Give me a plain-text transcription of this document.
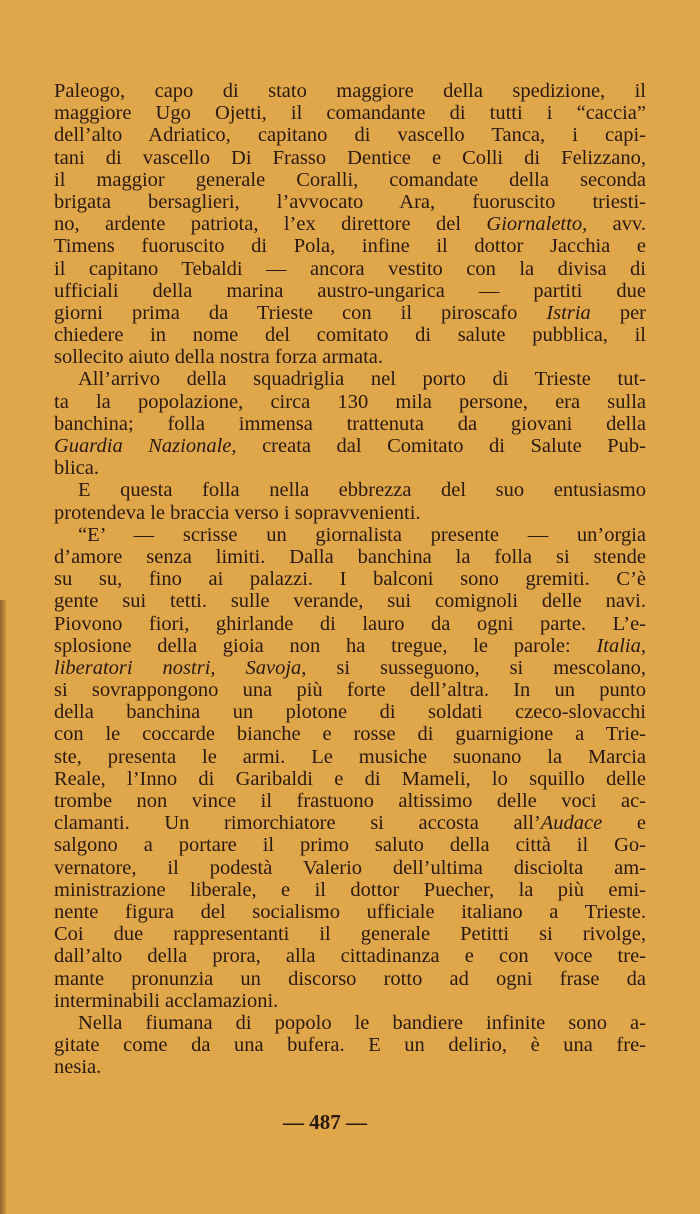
Paleogo, capo di stato maggiore della spedizione, il
maggiore Ugo Ojetti, il comandante di tutti i “caccia”
dell’alto Adriatico, capitano di vascello Tanca, i capi-
tani di vascello Di Frasso Dentice e Colli di Felizzano,
il maggior generale Coralli, comandate della seconda
brigata bersaglieri, l’avvocato Ara, fuoruscito triesti-
no, ardente patriota, l’ex direttore del Giornaletto, avv.
Timens fuoruscito di Pola, infine il dottor Jacchia e
il capitano Tebaldi — ancora vestito con la divisa di
ufficiali della marina austro-ungarica — partiti due
giorni prima da Trieste con il piroscafo Istria per
chiedere in nome del comitato di salute pubblica, il
sollecito aiuto della nostra forza armata.
All’arrivo della squadriglia nel porto di Trieste tut-
ta la popolazione, circa 130 mila persone, era sulla
banchina; folla immensa trattenuta da giovani della
Guardia Nazionale, creata dal Comitato di Salute Pub-
blica.
E questa folla nella ebbrezza del suo entusiasmo
protendeva le braccia verso i sopravvenienti.
“E’ — scrisse un giornalista presente — un’orgia
d’amore senza limiti. Dalla banchina la folla si stende
su su, fino ai palazzi. I balconi sono gremiti. C’è
gente sui tetti. sulle verande, sui comignoli delle navi.
Piovono fiori, ghirlande di lauro da ogni parte. L’e-
splosione della gioia non ha tregue, le parole: Italia,
liberatori nostri, Savoja, si susseguono, si mescolano,
si sovrappongono una più forte dell’altra. In un punto
della banchina un plotone di soldati czeco-slovacchi
con le coccarde bianche e rosse di guarnigione a Trie-
ste, presenta le armi. Le musiche suonano la Marcia
Reale, l’Inno di Garibaldi e di Mameli, lo squillo delle
trombe non vince il frastuono altissimo delle voci ac-
clamanti. Un rimorchiatore si accosta all’Audace e
salgono a portare il primo saluto della città il Go-
vernatore, il podestà Valerio dell’ultima disciolta am-
ministrazione liberale, e il dottor Puecher, la più emi-
nente figura del socialismo ufficiale italiano a Trieste.
Coi due rappresentanti il generale Petitti si rivolge,
dall’alto della prora, alla cittadinanza e con voce tre-
mante pronunzia un discorso rotto ad ogni frase da
interminabili acclamazioni.
Nella fiumana di popolo le bandiere infinite sono a-
gitate come da una bufera. E un delirio, è una fre-
nesia.
— 487 —
